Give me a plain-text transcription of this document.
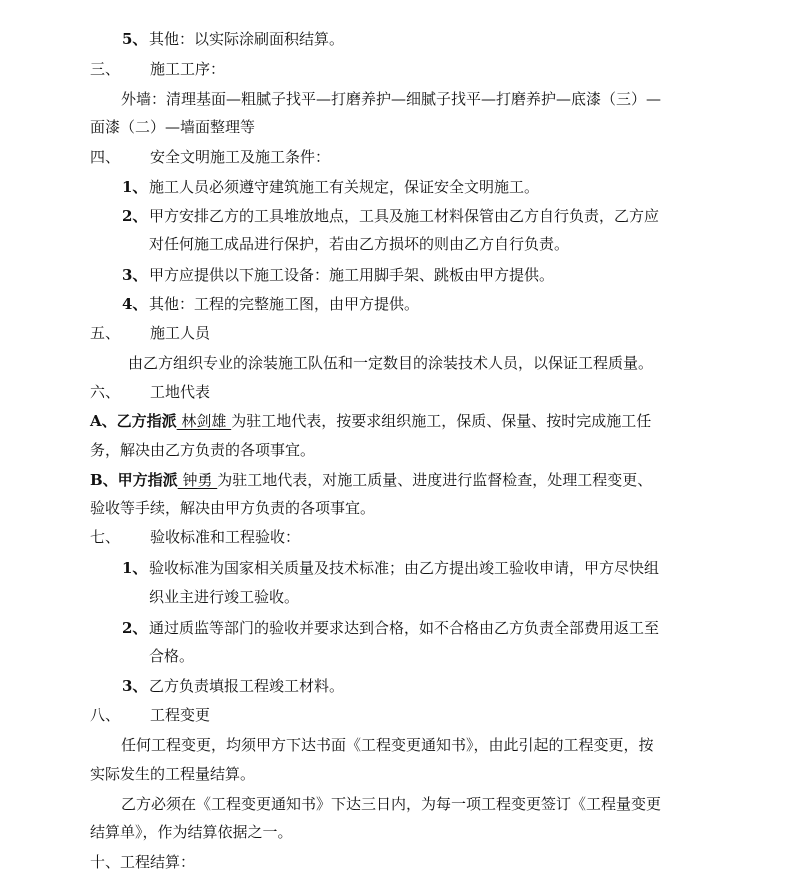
5、 其他：以实际涂刷面积结算。
三、 施工工序：
外墙：清理基面—粗腻子找平—打磨养护—细腻子找平—打磨养护—底漆（三）—
面漆（二）—墙面整理等
四、 安全文明施工及施工条件：
1、 施工人员必须遵守建筑施工有关规定，保证安全文明施工。
2、 甲方安排乙方的工具堆放地点，工具及施工材料保管由乙方自行负责，乙方应
对任何施工成品进行保护，若由乙方损坏的则由乙方自行负责。
3、 甲方应提供以下施工设备：施工用脚手架、跳板由甲方提供。
4、 其他：工程的完整施工图，由甲方提供。
五、 施工人员
由乙方组织专业的涂装施工队伍和一定数目的涂装技术人员，以保证工程质量。
六、 工地代表
A、乙方指派 林剑雄 为驻工地代表，按要求组织施工，保质、保量、按时完成施工任
务，解决由乙方负责的各项事宜。
B、甲方指派 钟勇 为驻工地代表，对施工质量、进度进行监督检查，处理工程变更、
验收等手续，解决由甲方负责的各项事宜。
七、 验收标准和工程验收：
1、 验收标准为国家相关质量及技术标准；由乙方提出竣工验收申请，甲方尽快组
织业主进行竣工验收。
2、 通过质监等部门的验收并要求达到合格，如不合格由乙方负责全部费用返工至
合格。
3、 乙方负责填报工程竣工材料。
八、 工程变更
任何工程变更，均须甲方下达书面《工程变更通知书》，由此引起的工程变更，按
实际发生的工程量结算。
乙方必须在《工程变更通知书》下达三日内，为每一项工程变更签订《工程量变更
结算单》，作为结算依据之一。
十、工程结算：
